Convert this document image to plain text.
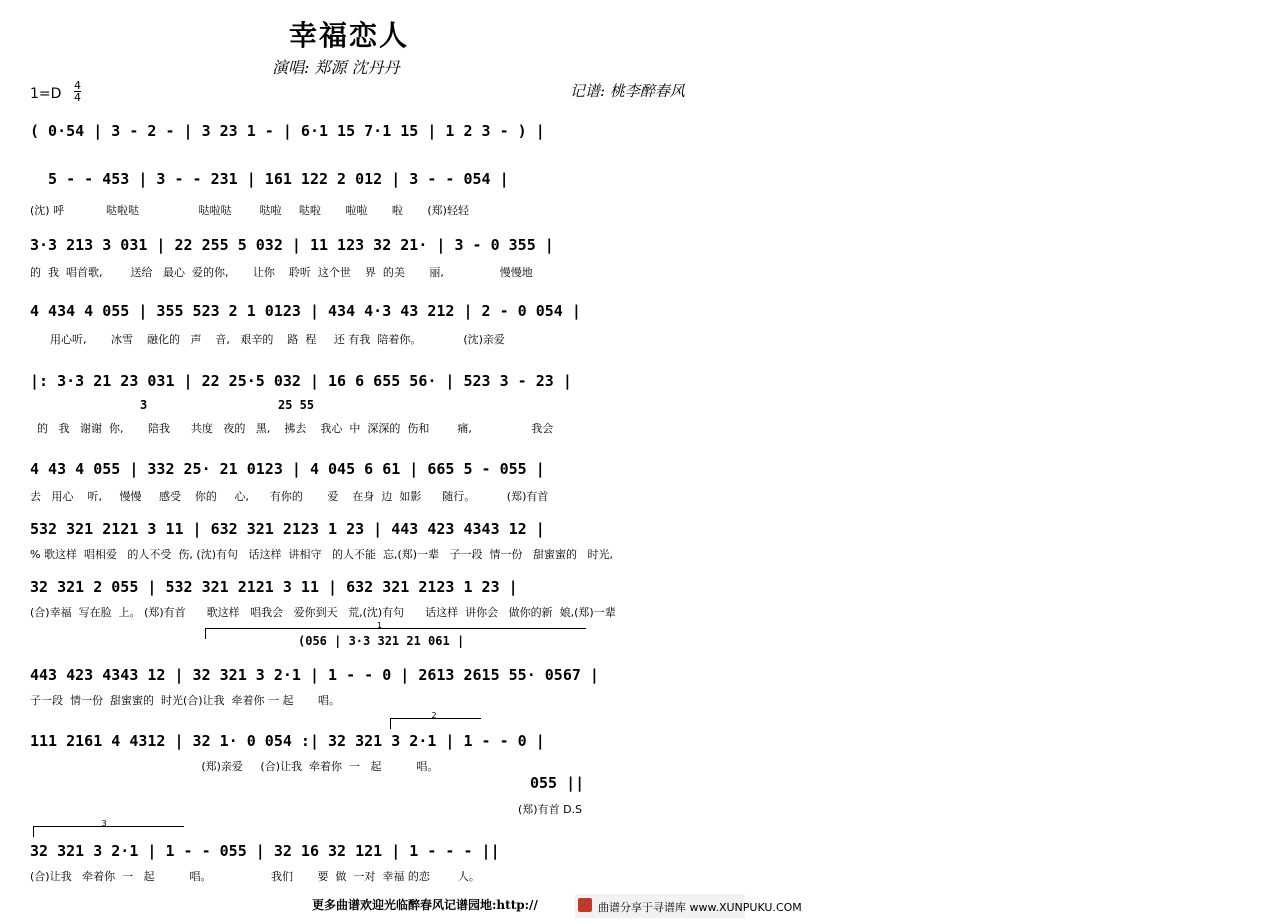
幸福恋人
演唱: 郑源 沈丹丹
1=D
4
4	记谱: 桃李醉春风
( 0·54 | 3 - 2 - | 3 23 1 - | 6·1 15 7·1 15 | 1 2 3 - ) |
5 - - 453 | 3 - - 231 | 161 122 2 012 | 3 - - 054 |
(沈) 呼            哒啦哒                 哒啦哒        哒啦     哒啦       啦啦       啦       (郑)轻轻
3·3 213 3 031 | 22 255 5 032 | 11 123 32 21· | 3 - 0 355 |
的  我  唱首歌,        送给   最心  爱的你,       让你    聆听  这个世    界  的美       丽,                慢慢地
4 434 4 055 | 355 523 2 1 0123 | 434 4·3 43 212 | 2 - 0 054 |
用心听,       冰雪    融化的   声    音,   艰辛的    路  程     还 有我  陪着你。            (沈)亲爱
|: 3·3 21 23 031 | 22 25·5 032 | 16 6 655 56· | 523 3 - 23 |
3	25 55
的   我   谢谢  你,       陪我      共度   夜的   黑,    拂去    我心  中  深深的  伤和        痛,                 我会
4 43 4 055 | 332 25· 21 0123 | 4 045 6 61 | 665 5 - 055 |
去   用心    听,     慢慢     感受    你的     心,      有你的       爱    在身  边  如影      随行。         (郑)有首
532 321 2121 3 11 | 632 321 2123 1 23 | 443 423 4343 12 |
% 歌这样  唱相爱   的人不受  伤, (沈)有句   话这样  讲相守   的人不能  忘,(郑)一辈   子一段  情一份   甜蜜蜜的   时光,
32 321 2 055 | 532 321 2121 3 11 | 632 321 2123 1 23 |
(合)幸福  写在脸  上。 (郑)有首      歌这样   唱我会   爱你到天   荒,(沈)有句      话这样  讲你会   做你的新  娘,(郑)一辈
1
(056 | 3·3 321 21 061 |
443 423 4343 12 | 32 321 3 2·1 | 1 - - 0 | 2613 2615 55· 0567 |
子一段  情一份  甜蜜蜜的  时光(合)让我  牵着你 一 起       唱。
2
111 2161 4 4312 | 32 1· 0 054 :| 32 321 3 2·1 | 1 - - 0 |
(郑)亲爱     (合)让我  牵着你  一   起          唱。
055 ||
(郑)有首 D.S
3
32 321 3 2·1 | 1 - - 055 | 32 16 32 121 | 1 - - - ||
(合)让我   牵着你  一   起          唱。                 我们       要  做  一对  幸福 的恋        人。
更多曲谱欢迎光临醉春风记谱园地:http://	曲谱分享于寻谱库 www.XUNPUKU.COM
